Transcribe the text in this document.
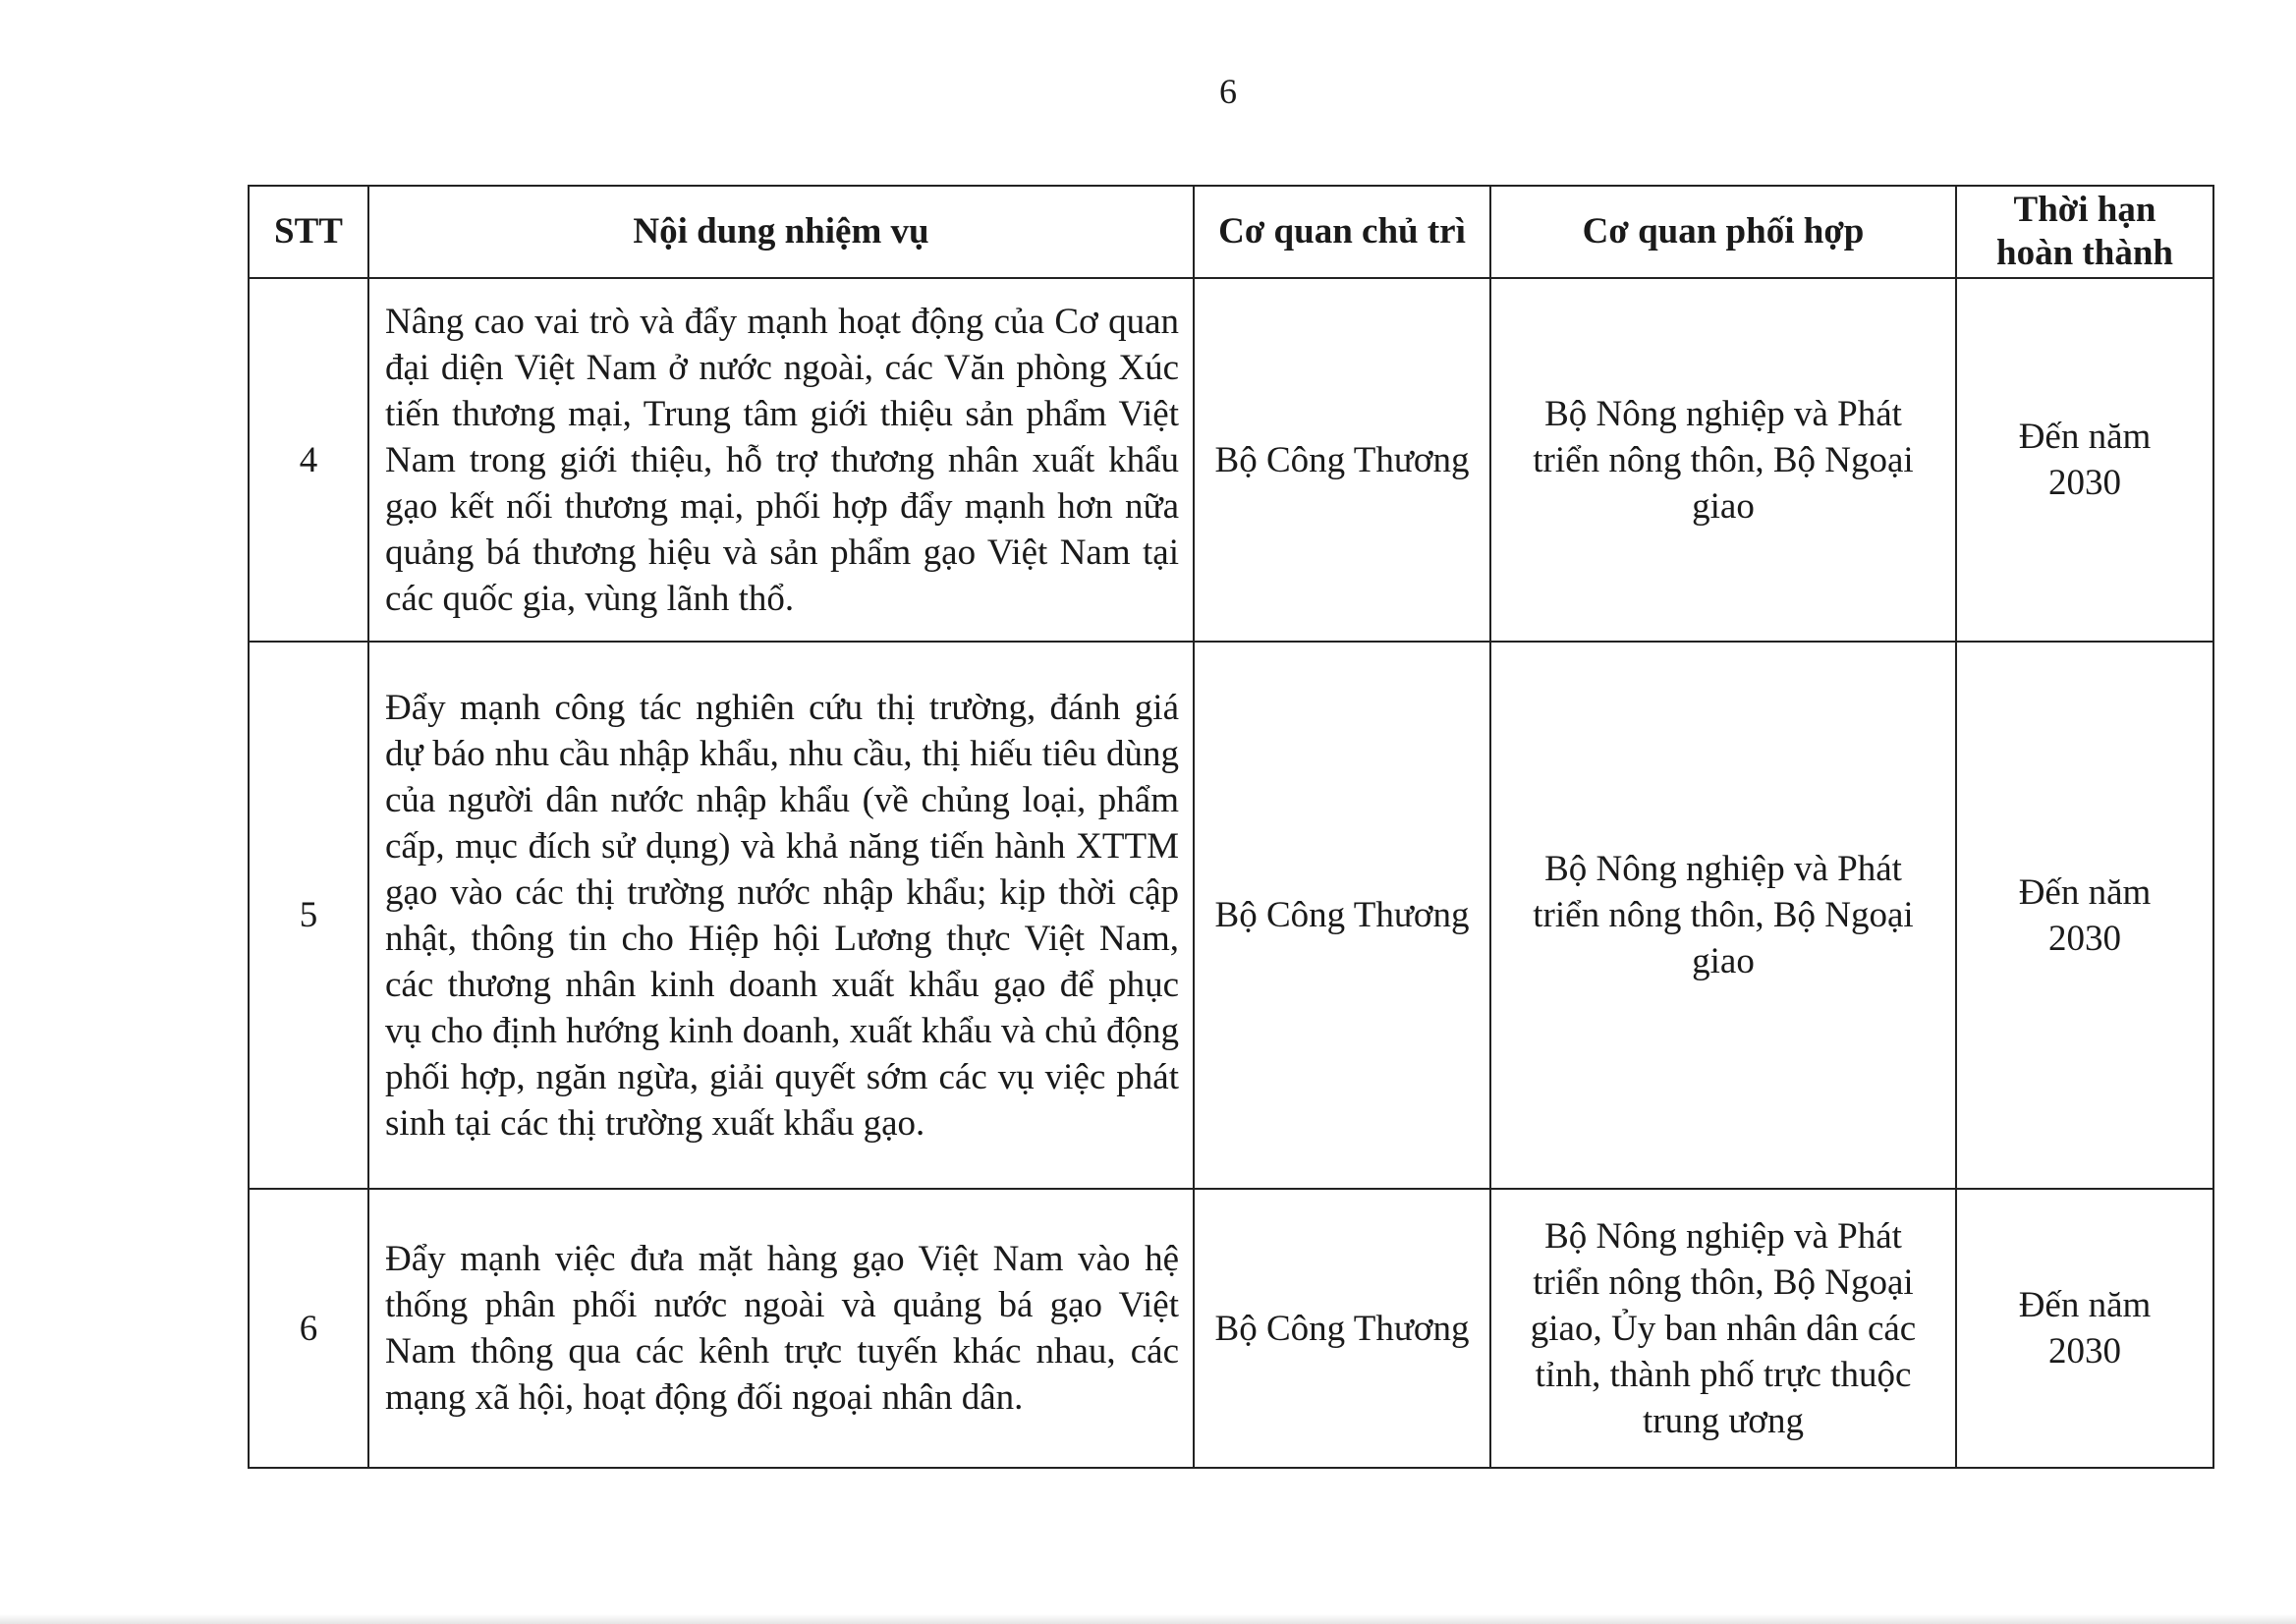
6
STT	Nội dung nhiệm vụ	Cơ quan chủ trì	Cơ quan phối hợp	Thời hạn hoàn thành
4	Nâng cao vai trò và đẩy mạnh hoạt động của Cơ quan đại diện Việt Nam ở nước ngoài, các Văn phòng Xúc tiến thương mại, Trung tâm giới thiệu sản phẩm Việt Nam trong giới thiệu, hỗ trợ thương nhân xuất khẩu gạo kết nối thương mại, phối hợp đẩy mạnh hơn nữa quảng bá thương hiệu và sản phẩm gạo Việt Nam tại các quốc gia, vùng lãnh thổ.	Bộ Công Thương	Bộ Nông nghiệp và Phát triển nông thôn, Bộ Ngoại giao	Đến năm 2030
5	Đẩy mạnh công tác nghiên cứu thị trường, đánh giá dự báo nhu cầu nhập khẩu, nhu cầu, thị hiếu tiêu dùng của người dân nước nhập khẩu (về chủng loại, phẩm cấp, mục đích sử dụng) và khả năng tiến hành XTTM gạo vào các thị trường nước nhập khẩu; kịp thời cập nhật, thông tin cho Hiệp hội Lương thực Việt Nam, các thương nhân kinh doanh xuất khẩu gạo để phục vụ cho định hướng kinh doanh, xuất khẩu và chủ động phối hợp, ngăn ngừa, giải quyết sớm các vụ việc phát sinh tại các thị trường xuất khẩu gạo.	Bộ Công Thương	Bộ Nông nghiệp và Phát triển nông thôn, Bộ Ngoại giao	Đến năm 2030
6	Đẩy mạnh việc đưa mặt hàng gạo Việt Nam vào hệ thống phân phối nước ngoài và quảng bá gạo Việt Nam thông qua các kênh trực tuyến khác nhau, các mạng xã hội, hoạt động đối ngoại nhân dân.	Bộ Công Thương	Bộ Nông nghiệp và Phát triển nông thôn, Bộ Ngoại giao, Ủy ban nhân dân các tỉnh, thành phố trực thuộc trung ương	Đến năm 2030
